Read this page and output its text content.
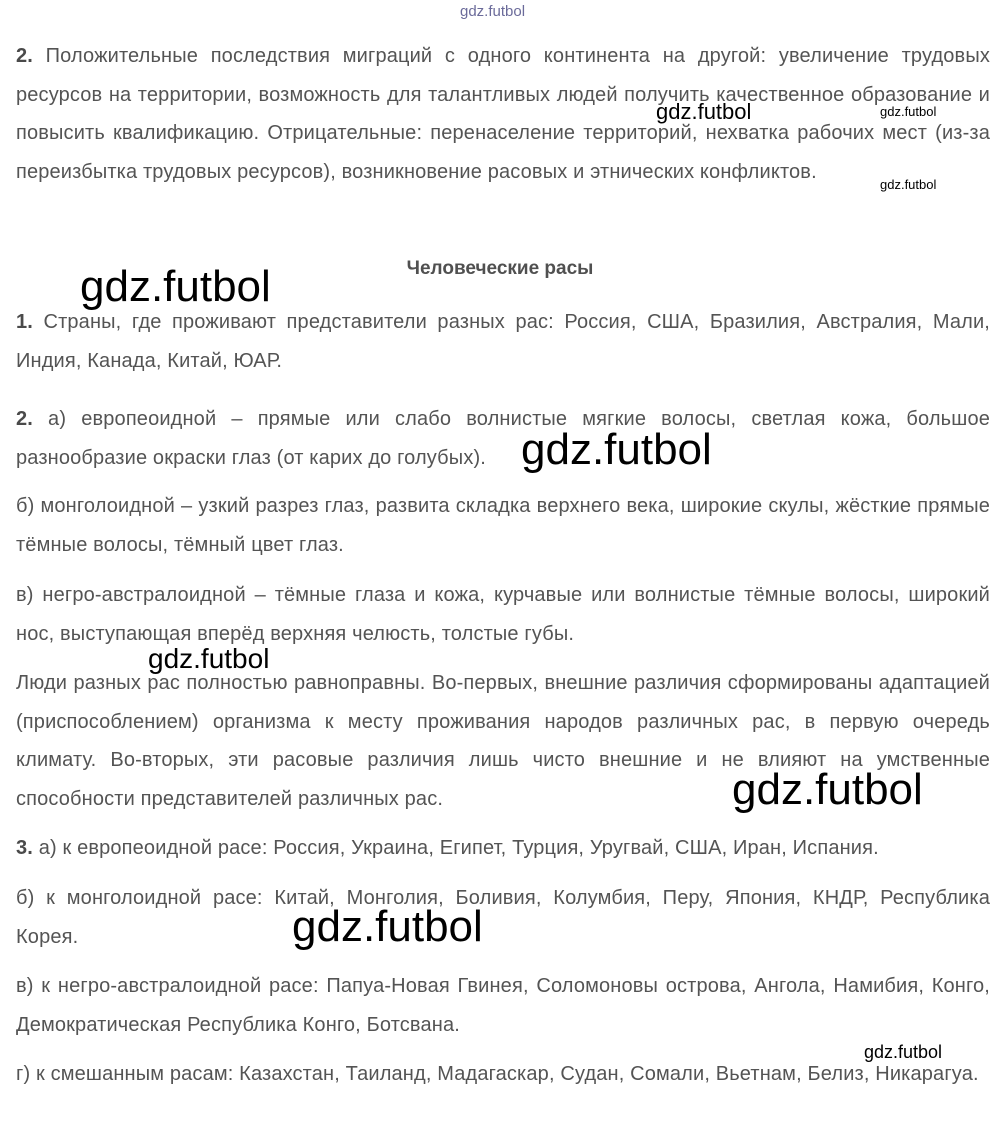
2. Положительные последствия миграций с одного континента на другой: увеличение трудовых ресурсов на территории, возможность для талантливых людей получить качественное образование и повысить квалификацию. Отрицательные: перенаселение территорий, нехватка рабочих мест (из-за переизбытка трудовых ресурсов), возникновение расовых и этнических конфликтов.

Человеческие расы

1. Страны, где проживают представители разных рас: Россия, США, Бразилия, Австралия, Мали, Индия, Канада, Китай, ЮАР.

2. а) европеоидной – прямые или слабо волнистые мягкие волосы, светлая кожа, большое разнообразие окраски глаз (от карих до голубых).

б) монголоидной – узкий разрез глаз, развита складка верхнего века, широкие скулы, жёсткие прямые тёмные волосы, тёмный цвет глаз.

в) негро-австралоидной – тёмные глаза и кожа, курчавые или волнистые тёмные волосы, широкий нос, выступающая вперёд верхняя челюсть, толстые губы.

Люди разных рас полностью равноправны. Во-первых, внешние различия сформированы адаптацией (приспособлением) организма к месту проживания народов различных рас, в первую очередь климату. Во-вторых, эти расовые различия лишь чисто внешние и не влияют на умственные способности представителей различных рас.

3. а) к европеоидной расе: Россия, Украина, Египет, Турция, Уругвай, США, Иран, Испания.

б) к монголоидной расе: Китай, Монголия, Боливия, Колумбия, Перу, Япония, КНДР, Республика Корея.

в) к негро-австралоидной расе: Папуа-Новая Гвинея, Соломоновы острова, Ангола, Намибия, Конго, Демократическая Республика Конго, Ботсвана.

г) к смешанным расам: Казахстан, Таиланд, Мадагаскар, Судан, Сомали, Вьетнам, Белиз, Никарагуа.

gdz.futbol
gdz.futbol	gdz.futbol
gdz.futbol
gdz.futbol
gdz.futbol
gdz.futbol
gdz.futbol
gdz.futbol
gdz.futbol
